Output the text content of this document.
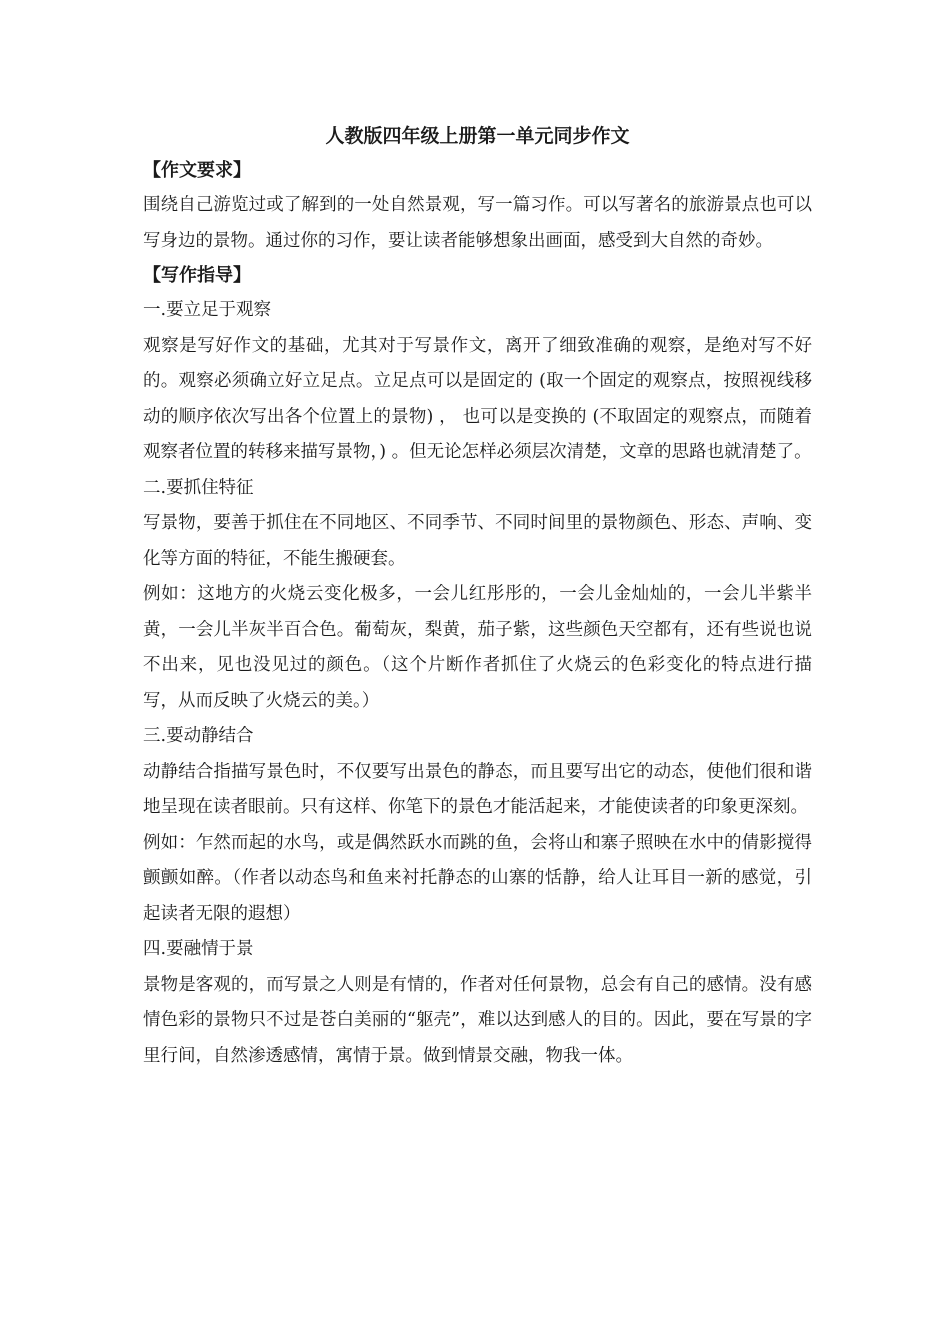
人教版四年级上册第一单元同步作文
【作文要求】

围绕自己游览过或了解到的一处自然景观，写一篇习作。可以写著名的旅游景点也可以写身边的景物。通过你的习作，要让读者能够想象出画面，感受到大自然的奇妙。

【写作指导】
一.要立足于观察

观察是写好作文的基础，尤其对于写景作文，离开了细致准确的观察，是绝对写不好的。观察必须确立好立足点。立足点可以是固定的 (取一个固定的观察点，按照视线移动的顺序依次写出各个位置上的景物) ， 也可以是变换的 (不取固定的观察点，而随着观察者位置的转移来描写景物，) 。但无论怎样必须层次清楚，文章的思路也就清楚了。

二.要抓住特征

写景物，要善于抓住在不同地区、不同季节、不同时间里的景物颜色、形态、声响、变化等方面的特征，不能生搬硬套。

例如：这地方的火烧云变化极多，一会儿红彤彤的，一会儿金灿灿的，一会儿半紫半黄，一会儿半灰半百合色。葡萄灰，梨黄，茄子紫，这些颜色天空都有，还有些说也说不出来，见也没见过的颜色。（这个片断作者抓住了火烧云的色彩变化的特点进行描写，从而反映了火烧云的美。）

三.要动静结合

动静结合指描写景色时，不仅要写出景色的静态，而且要写出它的动态，使他们很和谐地呈现在读者眼前。只有这样、你笔下的景色才能活起来，才能使读者的印象更深刻。

例如：乍然而起的水鸟，或是偶然跃水而跳的鱼，会将山和寨子照映在水中的倩影搅得颤颤如醉。（作者以动态鸟和鱼来衬托静态的山寨的恬静，给人让耳目一新的感觉，引起读者无限的遐想）

四.要融情于景

景物是客观的，而写景之人则是有情的，作者对任何景物，总会有自己的感情。没有感情色彩的景物只不过是苍白美丽的“躯壳”，难以达到感人的目的。因此，要在写景的字里行间，自然渗透感情，寓情于景。做到情景交融，物我一体。
